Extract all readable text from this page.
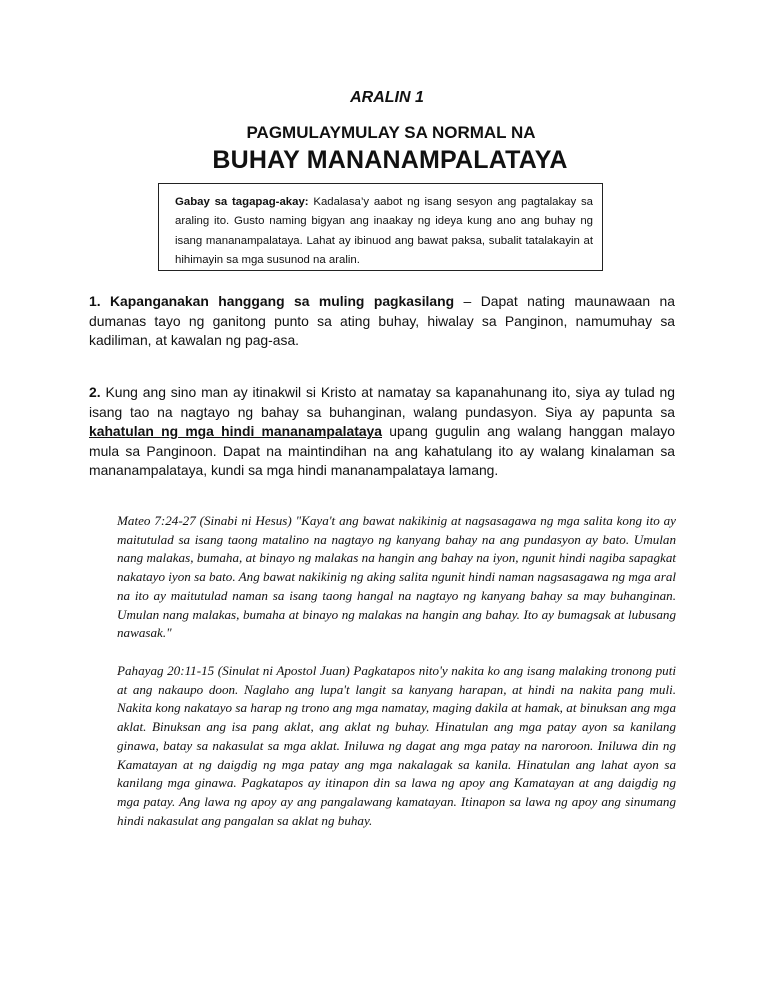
ARALIN 1
PAGMULAYMULAY SA NORMAL NA
BUHAY MANANAMPALATAYA
Gabay sa tagapag-akay: Kadalasa’y aabot ng isang sesyon ang pagtalakay sa araling ito. Gusto naming bigyan ang inaakay ng ideya kung ano ang buhay ng isang mananampalataya. Lahat ay ibinuod ang bawat paksa, subalit tatalakayin at hihimayin sa mga susunod na aralin.
1. Kapanganakan hanggang sa muling pagkasilang – Dapat nating maunawaan na dumanas tayo ng ganitong punto sa ating buhay, hiwalay sa Panginon, namumuhay sa kadiliman, at kawalan ng pag-asa.
2. Kung ang sino man ay itinakwil si Kristo at namatay sa kapanahunang ito, siya ay tulad ng isang tao na nagtayo ng bahay sa buhanginan, walang pundasyon. Siya ay papunta sa kahatulan ng mga hindi mananampalataya upang gugulin ang walang hanggan malayo mula sa Panginoon. Dapat na maintindihan na ang kahatulang ito ay walang kinalaman sa mananampalataya, kundi sa mga hindi mananampalataya lamang.
Mateo 7:24-27 (Sinabi ni Hesus) "Kaya't ang bawat nakikinig at nagsasagawa ng mga salita kong ito ay maitutulad sa isang taong matalino na nagtayo ng kanyang bahay na ang pundasyon ay bato. Umulan nang malakas, bumaha, at binayo ng malakas na hangin ang bahay na iyon, ngunit hindi nagiba sapagkat nakatayo iyon sa bato. Ang bawat nakikinig ng aking salita ngunit hindi naman nagsasagawa ng mga aral na ito ay maitutulad naman sa isang taong hangal na nagtayo ng kanyang bahay sa may buhanginan. Umulan nang malakas, bumaha at binayo ng malakas na hangin ang bahay. Ito ay bumagsak at lubusang nawasak."
Pahayag 20:11-15 (Sinulat ni Apostol Juan) Pagkatapos nito'y nakita ko ang isang malaking tronong puti at ang nakaupo doon. Naglaho ang lupa't langit sa kanyang harapan, at hindi na nakita pang muli. Nakita kong nakatayo sa harap ng trono ang mga namatay, maging dakila at hamak, at binuksan ang mga aklat. Binuksan ang isa pang aklat, ang aklat ng buhay. Hinatulan ang mga patay ayon sa kanilang ginawa, batay sa nakasulat sa mga aklat. Iniluwa ng dagat ang mga patay na naroroon. Iniluwa din ng Kamatayan at ng daigdig ng mga patay ang mga nakalagak sa kanila. Hinatulan ang lahat ayon sa kanilang mga ginawa. Pagkatapos ay itinapon din sa lawa ng apoy ang Kamatayan at ang daigdig ng mga patay. Ang lawa ng apoy ay ang pangalawang kamatayan. Itinapon sa lawa ng apoy ang sinumang hindi nakasulat ang pangalan sa aklat ng buhay.
